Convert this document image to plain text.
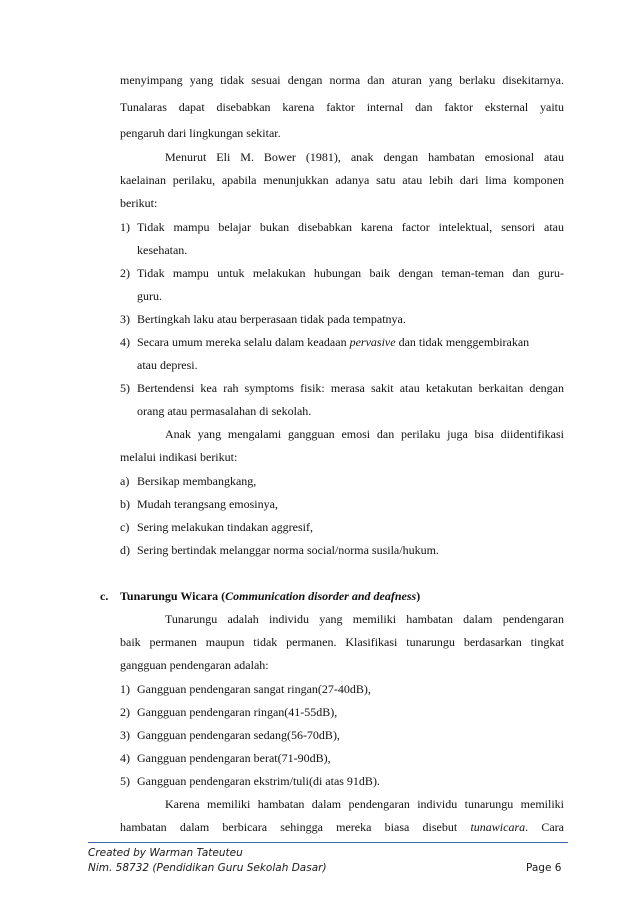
menyimpang yang tidak sesuai dengan norma dan aturan yang berlaku disekitarnya.
Tunalaras dapat disebabkan karena faktor internal dan faktor eksternal yaitu
pengaruh dari lingkungan sekitar.
Menurut Eli M. Bower (1981), anak dengan hambatan emosional atau
kaelainan perilaku, apabila menunjukkan adanya satu atau lebih dari lima komponen
berikut:
1) Tidak mampu belajar bukan disebabkan karena factor intelektual, sensori atau
kesehatan.
2) Tidak mampu untuk melakukan hubungan baik dengan teman-teman dan guru-
guru.
3) Bertingkah laku atau berperasaan tidak pada tempatnya.
4) Secara umum mereka selalu dalam keadaan pervasive dan tidak menggembirakan
atau depresi.
5) Bertendensi kea rah symptoms fisik: merasa sakit atau ketakutan berkaitan dengan
orang atau permasalahan di sekolah.
Anak yang mengalami gangguan emosi dan perilaku juga bisa diidentifikasi
melalui indikasi berikut:
a) Bersikap membangkang,
b) Mudah terangsang emosinya,
c) Sering melakukan tindakan aggresif,
d) Sering bertindak melanggar norma social/norma susila/hukum.
c. Tunarungu Wicara (Communication disorder and deafness)
Tunarungu adalah individu yang memiliki hambatan dalam pendengaran
baik permanen maupun tidak permanen. Klasifikasi tunarungu berdasarkan tingkat
gangguan pendengaran adalah:
1) Gangguan pendengaran sangat ringan(27-40dB),
2) Gangguan pendengaran ringan(41-55dB),
3) Gangguan pendengaran sedang(56-70dB),
4) Gangguan pendengaran berat(71-90dB),
5) Gangguan pendengaran ekstrim/tuli(di atas 91dB).
Karena memiliki hambatan dalam pendengaran individu tunarungu memiliki
hambatan dalam berbicara sehingga mereka biasa disebut tunawicara. Cara
Created by Warman Tateuteu
Nim. 58732 (Pendidikan Guru Sekolah Dasar)	Page 6
